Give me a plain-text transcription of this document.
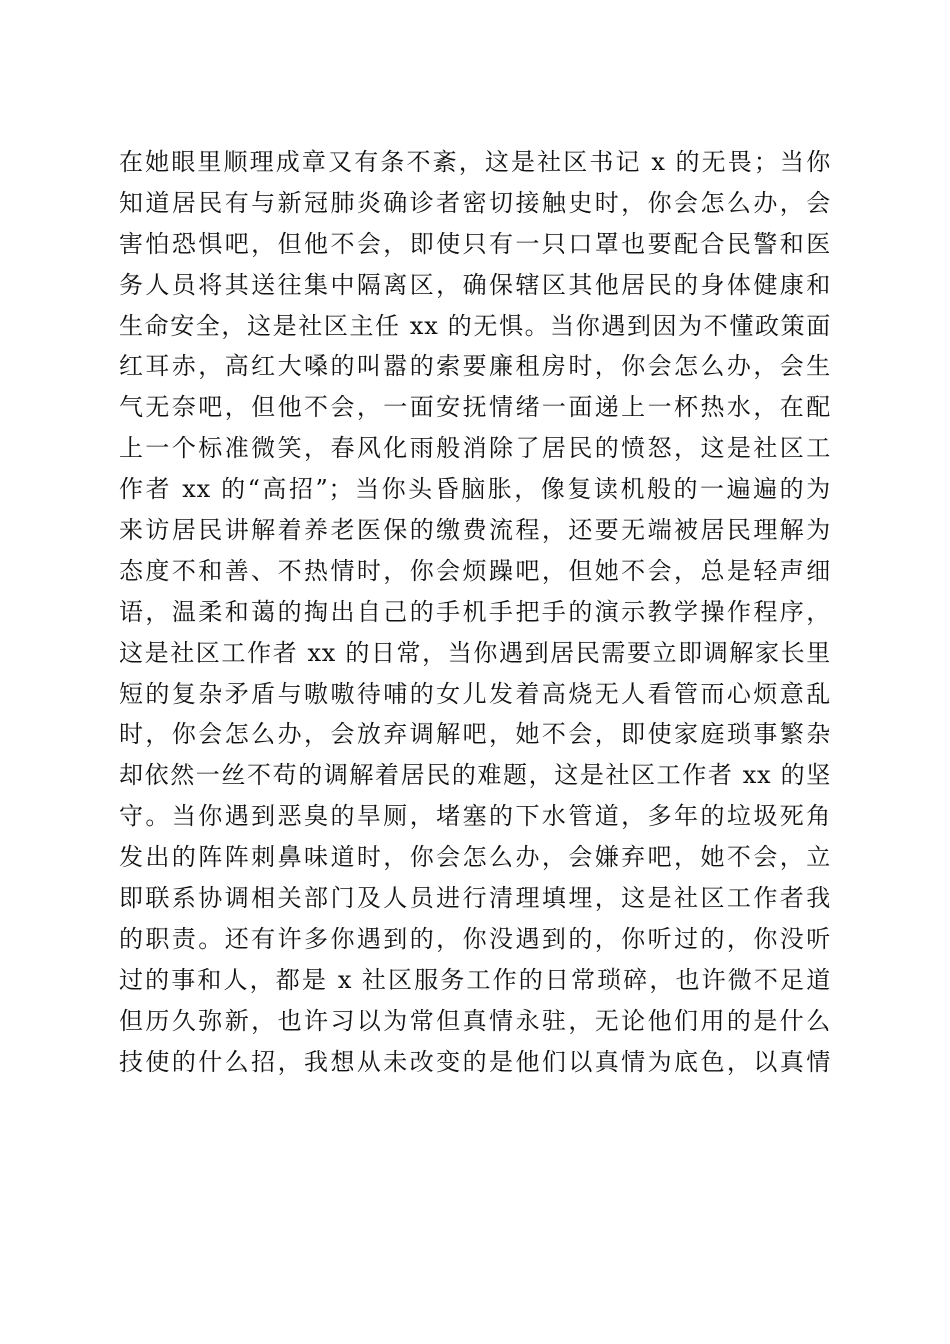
在她眼里顺理成章又有条不紊，这是社区书记 x 的无畏；当你
知道居民有与新冠肺炎确诊者密切接触史时，你会怎么办，会
害怕恐惧吧，但他不会，即使只有一只口罩也要配合民警和医
务人员将其送往集中隔离区，确保辖区其他居民的身体健康和
生命安全，这是社区主任 xx 的无惧。当你遇到因为不懂政策面
红耳赤，高红大嗓的叫嚣的索要廉租房时，你会怎么办，会生
气无奈吧，但他不会，一面安抚情绪一面递上一杯热水，在配
上一个标准微笑，春风化雨般消除了居民的愤怒，这是社区工
作者 xx 的“高招”；当你头昏脑胀，像复读机般的一遍遍的为
来访居民讲解着养老医保的缴费流程，还要无端被居民理解为
态度不和善、不热情时，你会烦躁吧，但她不会，总是轻声细
语，温柔和蔼的掏出自己的手机手把手的演示教学操作程序，
这是社区工作者 xx 的日常，当你遇到居民需要立即调解家长里
短的复杂矛盾与嗷嗷待哺的女儿发着高烧无人看管而心烦意乱
时，你会怎么办，会放弃调解吧，她不会，即使家庭琐事繁杂
却依然一丝不苟的调解着居民的难题，这是社区工作者 xx 的坚
守。当你遇到恶臭的旱厕，堵塞的下水管道，多年的垃圾死角
发出的阵阵刺鼻味道时，你会怎么办，会嫌弃吧，她不会，立
即联系协调相关部门及人员进行清理填埋，这是社区工作者我
的职责。还有许多你遇到的，你没遇到的，你听过的，你没听
过的事和人，都是 x 社区服务工作的日常琐碎，也许微不足道
但历久弥新，也许习以为常但真情永驻，无论他们用的是什么
技使的什么招，我想从未改变的是他们以真情为底色，以真情
